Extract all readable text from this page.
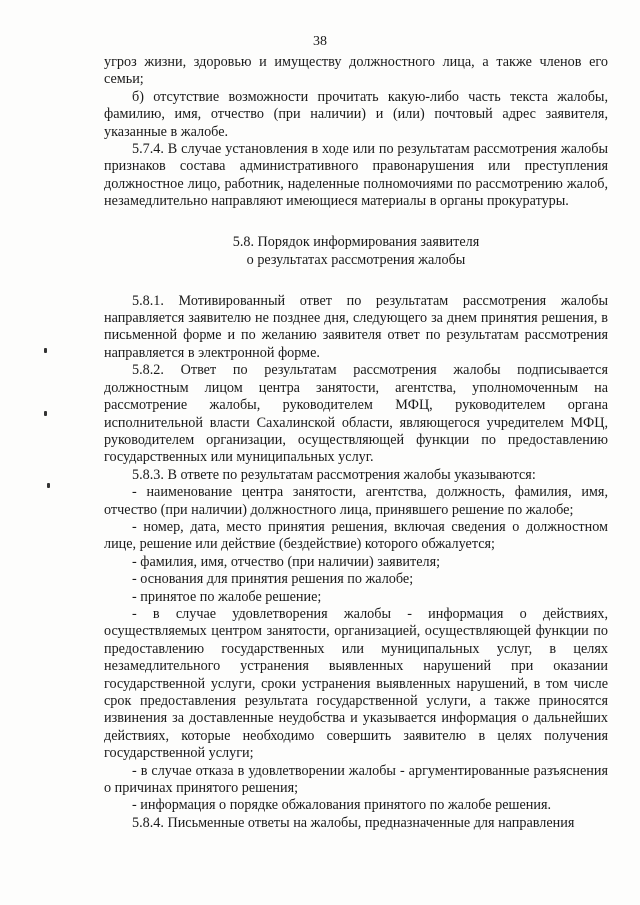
38

угроз жизни, здоровью и имуществу должностного лица, а также членов его семьи;

б) отсутствие возможности прочитать какую-либо часть текста жалобы, фамилию, имя, отчество (при наличии) и (или) почтовый адрес заявителя, указанные в жалобе.

5.7.4. В случае установления в ходе или по результатам рассмотрения жалобы признаков состава административного правонарушения или преступления должностное лицо, работник, наделенные полномочиями по рассмотрению жалоб, незамедлительно направляют имеющиеся материалы в органы прокуратуры.

5.8. Порядок информирования заявителя
о результатах рассмотрения жалобы

5.8.1. Мотивированный ответ по результатам рассмотрения жалобы направляется заявителю не позднее дня, следующего за днем принятия решения, в письменной форме и по желанию заявителя ответ по результатам рассмотрения направляется в электронной форме.

5.8.2. Ответ по результатам рассмотрения жалобы подписывается должностным лицом центра занятости, агентства, уполномоченным на рассмотрение жалобы, руководителем МФЦ, руководителем органа исполнительной власти Сахалинской области, являющегося учредителем МФЦ, руководителем организации, осуществляющей функции по предоставлению государственных или муниципальных услуг.

5.8.3. В ответе по результатам рассмотрения жалобы указываются:

- наименование центра занятости, агентства, должность, фамилия, имя, отчество (при наличии) должностного лица, принявшего решение по жалобе;

- номер, дата, место принятия решения, включая сведения о должностном лице, решение или действие (бездействие) которого обжалуется;

- фамилия, имя, отчество (при наличии) заявителя;

- основания для принятия решения по жалобе;

- принятое по жалобе решение;

- в случае удовлетворения жалобы - информация о действиях, осуществляемых центром занятости, организацией, осуществляющей функции по предоставлению государственных или муниципальных услуг, в целях незамедлительного устранения выявленных нарушений при оказании государственной услуги, сроки устранения выявленных нарушений, в том числе срок предоставления результата государственной услуги, а также приносятся извинения за доставленные неудобства и указывается информация о дальнейших действиях, которые необходимо совершить заявителю в целях получения государственной услуги;

- в случае отказа в удовлетворении жалобы - аргументированные разъяснения о причинах принятого решения;

- информация о порядке обжалования принятого по жалобе решения.

5.8.4. Письменные ответы на жалобы, предназначенные для направления
